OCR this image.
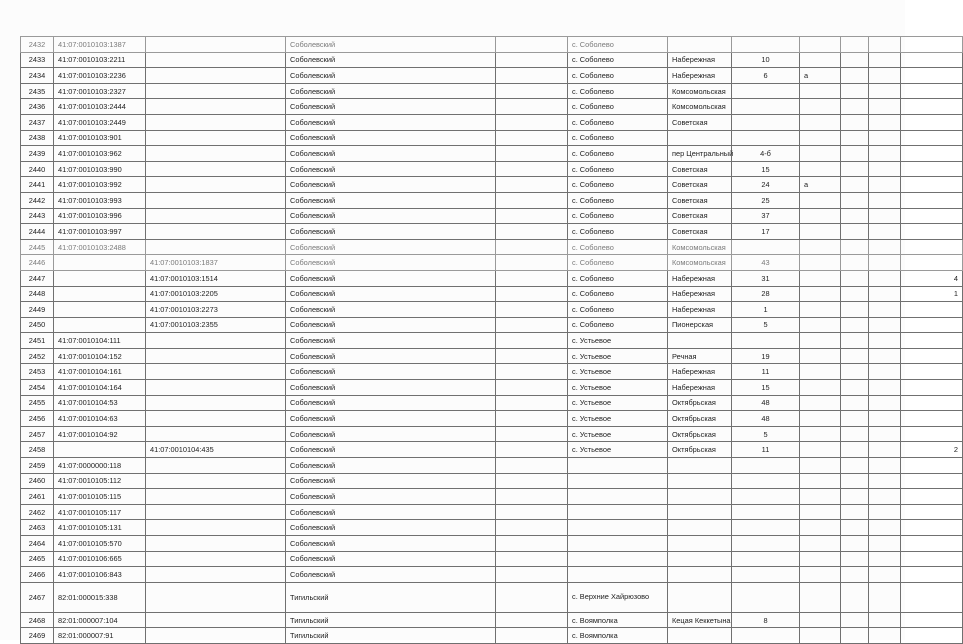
2432	41:07:0010103:1387		Соболевский		с. Соболево						
2433	41:07:0010103:2211		Соболевский		с. Соболево	Набережная	10				
2434	41:07:0010103:2236		Соболевский		с. Соболево	Набережная	6	а			
2435	41:07:0010103:2327		Соболевский		с. Соболево	Комсомольская					
2436	41:07:0010103:2444		Соболевский		с. Соболево	Комсомольская					
2437	41:07:0010103:2449		Соболевский		с. Соболево	Советская					
2438	41:07:0010103:901		Соболевский		с. Соболево						
2439	41:07:0010103:962		Соболевский		с. Соболево	пер Центральный	4-б				
2440	41:07:0010103:990		Соболевский		с. Соболево	Советская	15				
2441	41:07:0010103:992		Соболевский		с. Соболево	Советская	24	а			
2442	41:07:0010103:993		Соболевский		с. Соболево	Советская	25				
2443	41:07:0010103:996		Соболевский		с. Соболево	Советская	37				
2444	41:07:0010103:997		Соболевский		с. Соболево	Советская	17				
2445	41:07:0010103:2488		Соболевский		с. Соболево	Комсомольская					
2446		41:07:0010103:1837	Соболевский		с. Соболево	Комсомольская	43				
2447		41:07:0010103:1514	Соболевский		с. Соболево	Набережная	31				4
2448		41:07:0010103:2205	Соболевский		с. Соболево	Набережная	28				1
2449		41:07:0010103:2273	Соболевский		с. Соболево	Набережная	1				
2450		41:07:0010103:2355	Соболевский		с. Соболево	Пионерская	5				
2451	41:07:0010104:111		Соболевский		с. Устьевое						
2452	41:07:0010104:152		Соболевский		с. Устьевое	Речная	19				
2453	41:07:0010104:161		Соболевский		с. Устьевое	Набережная	11				
2454	41:07:0010104:164		Соболевский		с. Устьевое	Набережная	15				
2455	41:07:0010104:53		Соболевский		с. Устьевое	Октябрьская	48				
2456	41:07:0010104:63		Соболевский		с. Устьевое	Октябрьская	48				
2457	41:07:0010104:92		Соболевский		с. Устьевое	Октябрьская	5				
2458		41:07:0010104:435	Соболевский		с. Устьевое	Октябрьская	11				2
2459	41:07:0000000:118		Соболевский								
2460	41:07:0010105:112		Соболевский								
2461	41:07:0010105:115		Соболевский								
2462	41:07:0010105:117		Соболевский								
2463	41:07:0010105:131		Соболевский								
2464	41:07:0010105:570		Соболевский								
2465	41:07:0010106:665		Соболевский								
2466	41:07:0010106:843		Соболевский								
2467	82:01:000015:338		Тигильский		с. Верхние Хайрюзово						
2468	82:01:000007:104		Тигильский		с. Воямполка	Кецая Кеккетына	8				
2469	82:01:000007:91		Тигильский		с. Воямполка						
